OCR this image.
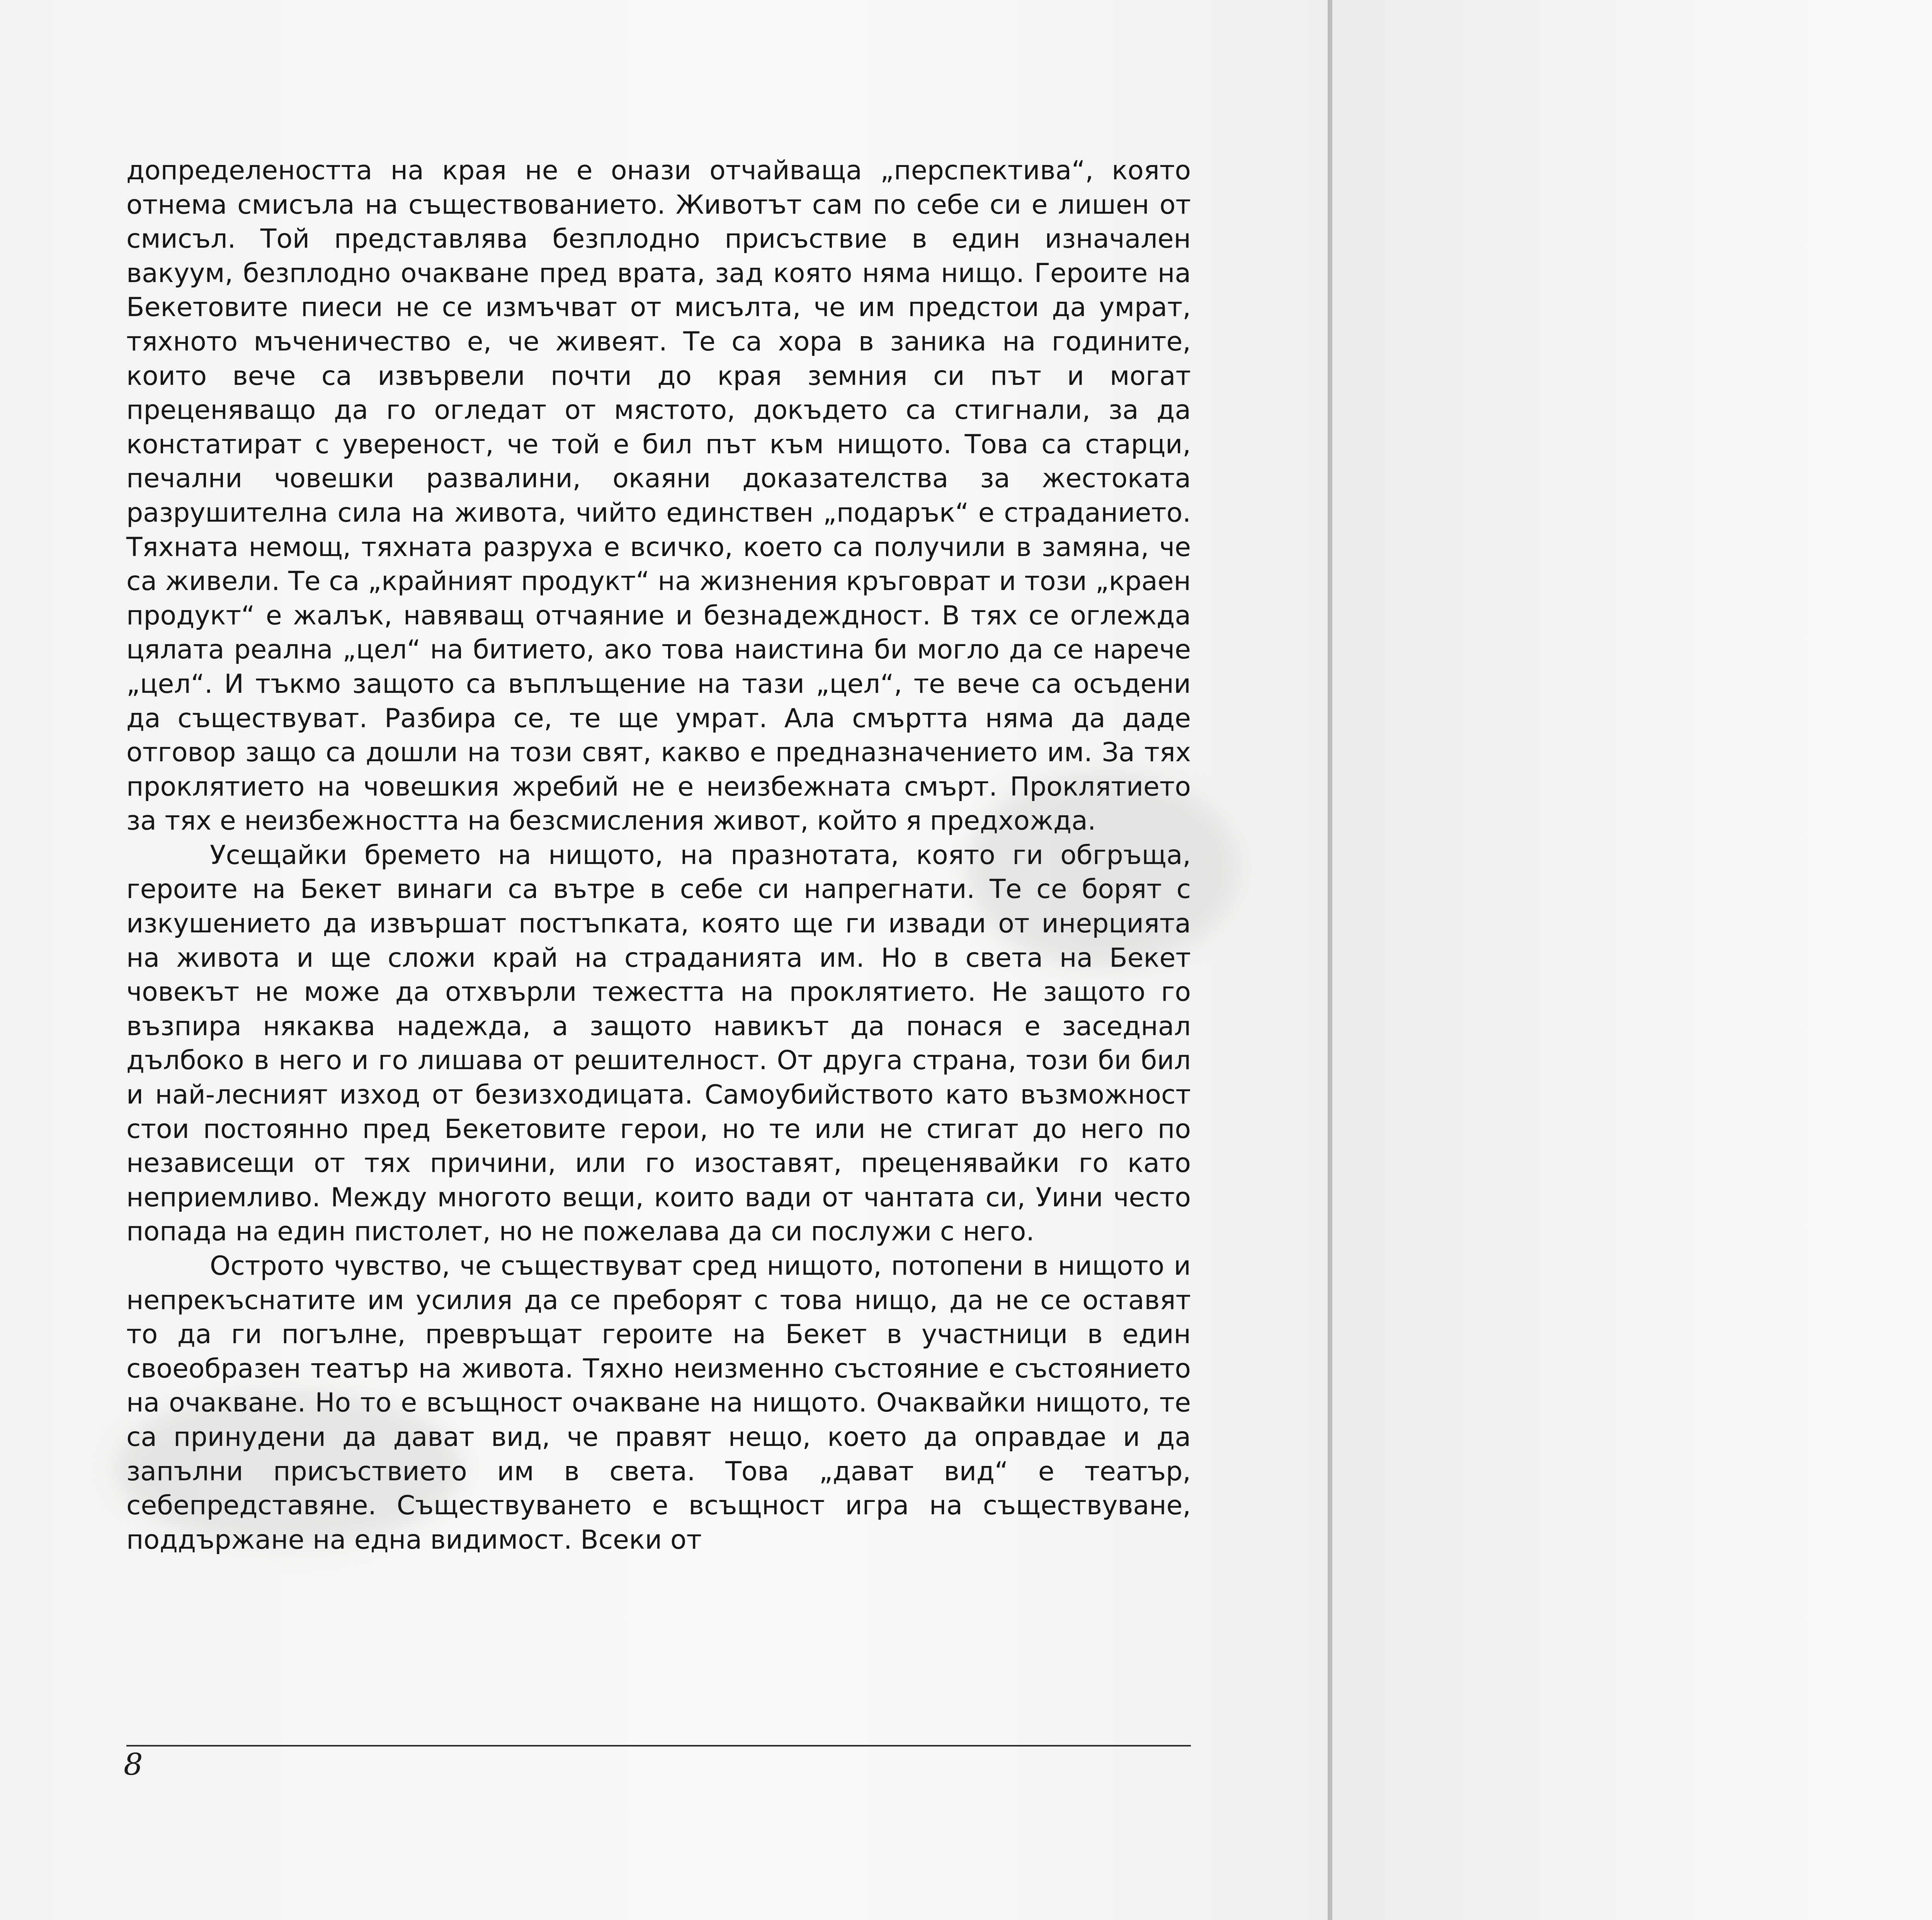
допределеността на края не е онази отчайваща „перспектива“, която отнема смисъла на съществованието. Животът сам по себе си е лишен от смисъл. Той представлява безплодно присъствие в един изначален вакуум, безплодно очакване пред врата, зад която няма нищо. Героите на Бекетовите пиеси не се измъчват от мисълта, че им предстои да умрат, тяхното мъченичество е, че живеят. Те са хора в заника на годините, които вече са извървели почти до края земния си път и могат преценяващо да го огледат от мястото, докъдето са стигнали, за да констатират с увереност, че той е бил път към нищото. Това са старци, печални човешки развалини, окаяни доказателства за жестоката разрушителна сила на живота, чийто единствен „подарък“ е страданието. Тяхната немощ, тяхната разруха е всичко, което са получили в замяна, че са живели. Те са „крайният продукт“ на жизнения кръговрат и този „краен продукт“ е жалък, навяващ отчаяние и безнадеждност. В тях се оглежда цялата реална „цел“ на битието, ако това наистина би могло да се нарече „цел“. И тъкмо защото са въплъщение на тази „цел“, те вече са осъдени да съществуват. Разбира се, те ще умрат. Ала смъртта няма да даде отговор защо са дошли на този свят, какво е предназначението им. За тях проклятието на човешкия жребий не е неизбежната смърт. Проклятието за тях е неизбежността на безсмисления живот, който я предхожда.

Усещайки бремето на нищото, на празнотата, която ги обгръща, героите на Бекет винаги са вътре в себе си напрегнати. Те се борят с изкушението да извършат постъпката, която ще ги извади от инерцията на живота и ще сложи край на страданията им. Но в света на Бекет човекът не може да отхвърли тежестта на проклятието. Не защото го възпира някаква надежда, а защото навикът да понася е заседнал дълбоко в него и го лишава от решителност. От друга страна, този би бил и най-лесният изход от безизходицата. Самоубийството като възможност стои постоянно пред Бекетовите герои, но те или не стигат до него по независещи от тях причини, или го изоставят, преценявайки го като неприемливо. Между многото вещи, които вади от чантата си, Уини често попада на един пистолет, но не пожелава да си послужи с него.

Острото чувство, че съществуват сред нищото, потопени в нищото и непрекъснатите им усилия да се преборят с това нищо, да не се оставят то да ги погълне, превръщат героите на Бекет в участници в един своеобразен театър на живота. Тяхно неизменно състояние е състоянието на очакване. Но то е всъщност очакване на нищото. Очаквайки нищото, те са принудени да дават вид, че правят нещо, което да оправдае и да запълни присъствието им в света. Това „дават вид“ е театър, себепредставяне. Съществуването е всъщност игра на съществуване, поддържане на една видимост. Всеки от

8
